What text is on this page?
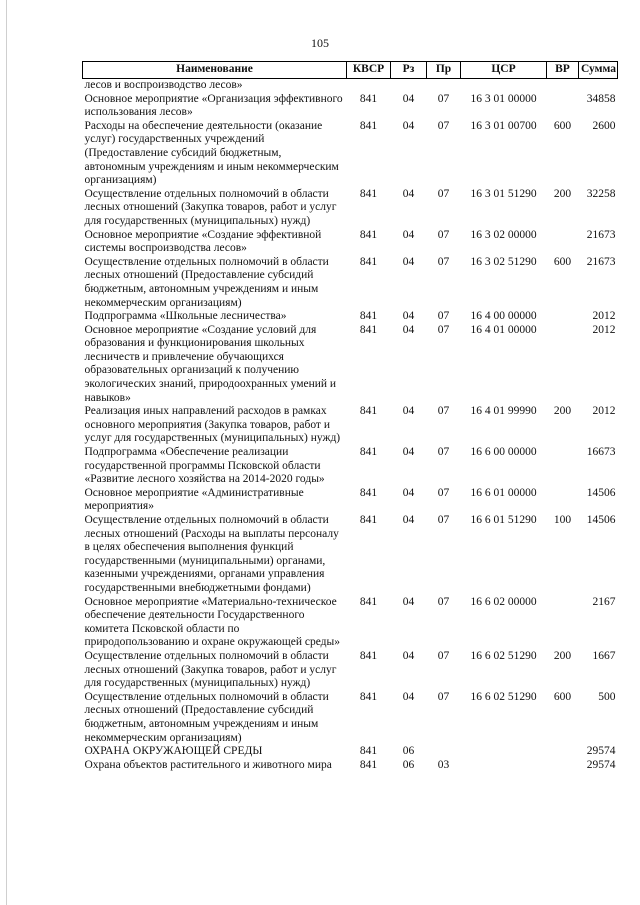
105
Наименование	КВСР	Рз	Пр	ЦСР	ВР	Сумма
лесов и воспроизводство лесов»						
Основное мероприятие «Организация эффективного использования лесов»	841	04	07	16 3 01 00000		34858
Расходы на обеспечение деятельности (оказание услуг) государственных учреждений (Предоставление субсидий бюджетным, автономным учреждениям и иным некоммерческим организациям)	841	04	07	16 3 01 00700	600	2600
Осуществление отдельных полномочий в области лесных отношений (Закупка товаров, работ и услуг для государственных (муниципальных) нужд)	841	04	07	16 3 01 51290	200	32258
Основное мероприятие «Создание эффективной системы воспроизводства лесов»	841	04	07	16 3 02 00000		21673
Осуществление отдельных полномочий в области лесных отношений (Предоставление субсидий бюджетным, автономным учреждениям и иным некоммерческим организациям)	841	04	07	16 3 02 51290	600	21673
Подпрограмма «Школьные лесничества»	841	04	07	16 4 00 00000		2012
Основное мероприятие «Создание условий для образования и функционирования школьных лесничеств и привлечение обучающихся образовательных организаций к получению экологических знаний, природоохранных умений и навыков»	841	04	07	16 4 01 00000		2012
Реализация иных направлений расходов в рамках основного мероприятия (Закупка товаров, работ и услуг для государственных (муниципальных) нужд)	841	04	07	16 4 01 99990	200	2012
Подпрограмма «Обеспечение реализации государственной программы Псковской области «Развитие лесного хозяйства на 2014-2020 годы»	841	04	07	16 6 00 00000		16673
Основное мероприятие «Административные мероприятия»	841	04	07	16 6 01 00000		14506
Осуществление отдельных полномочий в области лесных отношений (Расходы на выплаты персоналу в целях обеспечения выполнения функций государственными (муниципальными) органами, казенными учреждениями, органами управления государственными внебюджетными фондами)	841	04	07	16 6 01 51290	100	14506
Основное мероприятие «Материально-техническое обеспечение деятельности Государственного комитета Псковской области по природопользованию и охране окружающей среды»	841	04	07	16 6 02 00000		2167
Осуществление отдельных полномочий в области лесных отношений (Закупка товаров, работ и услуг для государственных (муниципальных) нужд)	841	04	07	16 6 02 51290	200	1667
Осуществление отдельных полномочий в области лесных отношений (Предоставление субсидий бюджетным, автономным учреждениям и иным некоммерческим организациям)	841	04	07	16 6 02 51290	600	500
ОХРАНА ОКРУЖАЮЩЕЙ СРЕДЫ	841	06				29574
Охрана объектов растительного и животного мира	841	06	03			29574
